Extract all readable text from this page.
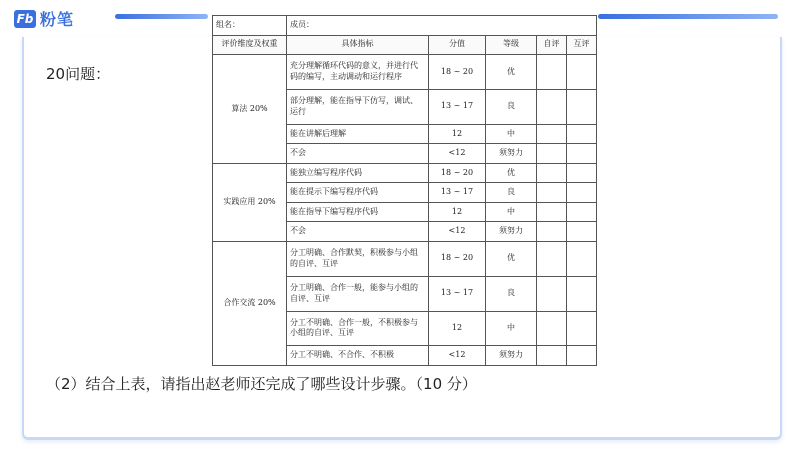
Fb 粉笔
20问题：
组名：	成员：				
评价维度及权重	具体指标	分值	等级	自评	互评
算法 20%	充分理解循环代码的意义，并进行代码的编写，主动调动和运行程序	18 ~ 20	优		
	部分理解，能在指导下仿写，调试、运行	13 ~ 17	良		
	能在讲解后理解	12	中		
	不会	<12	须努力		
实践应用 20%	能独立编写程序代码	18 ~ 20	优		
	能在提示下编写程序代码	13 ~ 17	良		
	能在指导下编写程序代码	12	中		
	不会	<12	须努力		
合作交流 20%	分工明确、合作默契，积极参与小组的自评、互评	18 ~ 20	优		
	分工明确、合作一般，能参与小组的自评、互评	13 ~ 17	良		
	分工不明确、合作一般，不积极参与小组的自评、互评	12	中		
	分工不明确、不合作、不积极	<12	须努力		
（2）结合上表，请指出赵老师还完成了哪些设计步骤。（10 分）
